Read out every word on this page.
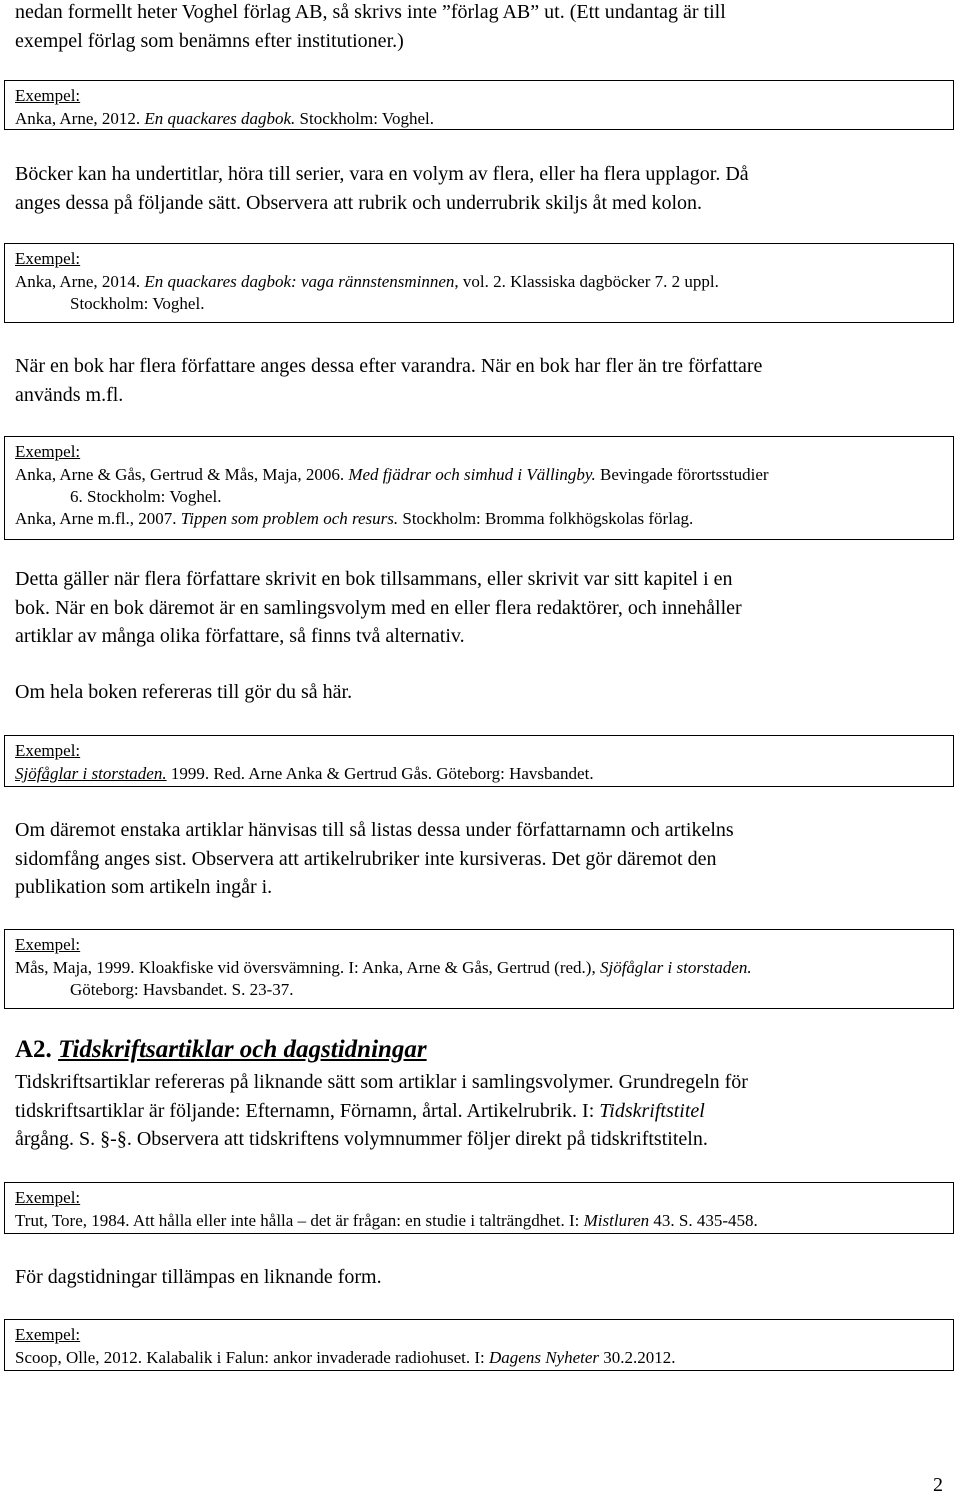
nedan formellt heter Voghel förlag AB, så skrivs inte ”förlag AB” ut. (Ett undantag är till
exempel förlag som benämns efter institutioner.)
Exempel:
Anka, Arne, 2012. En quackares dagbok. Stockholm: Voghel.
Böcker kan ha undertitlar, höra till serier, vara en volym av flera, eller ha flera upplagor. Då
anges dessa på följande sätt. Observera att rubrik och underrubrik skiljs åt med kolon.
Exempel:
Anka, Arne, 2014. En quackares dagbok: vaga rännstensminnen, vol. 2. Klassiska dagböcker 7. 2 uppl.
Stockholm: Voghel.
När en bok har flera författare anges dessa efter varandra. När en bok har fler än tre författare
används m.fl.
Exempel:
Anka, Arne & Gås, Gertrud & Mås, Maja, 2006. Med fjädrar och simhud i Vällingby. Bevingade förortsstudier
6. Stockholm: Voghel.
Anka, Arne m.fl., 2007. Tippen som problem och resurs. Stockholm: Bromma folkhögskolas förlag.
Detta gäller när flera författare skrivit en bok tillsammans, eller skrivit var sitt kapitel i en
bok. När en bok däremot är en samlingsvolym med en eller flera redaktörer, och innehåller
artiklar av många olika författare, så finns två alternativ.
Om hela boken refereras till gör du så här.
Exempel:
Sjöfåglar i storstaden. 1999. Red. Arne Anka & Gertrud Gås. Göteborg: Havsbandet.
Om däremot enstaka artiklar hänvisas till så listas dessa under författarnamn och artikelns
sidomfång anges sist. Observera att artikelrubriker inte kursiveras. Det gör däremot den
publikation som artikeln ingår i.
Exempel:
Mås, Maja, 1999. Kloakfiske vid översvämning. I: Anka, Arne & Gås, Gertrud (red.), Sjöfåglar i storstaden.
Göteborg: Havsbandet. S. 23-37.
A2. Tidskriftsartiklar och dagstidningar
Tidskriftsartiklar refereras på liknande sätt som artiklar i samlingsvolymer. Grundregeln för
tidskriftsartiklar är följande: Efternamn, Förnamn, årtal. Artikelrubrik. I: Tidskriftstitel
årgång. S. §-§. Observera att tidskriftens volymnummer följer direkt på tidskriftstiteln.
Exempel:
Trut, Tore, 1984. Att hålla eller inte hålla – det är frågan: en studie i talträngdhet. I: Mistluren 43. S. 435-458.
För dagstidningar tillämpas en liknande form.
Exempel:
Scoop, Olle, 2012. Kalabalik i Falun: ankor invaderade radiohuset. I: Dagens Nyheter 30.2.2012.
2
